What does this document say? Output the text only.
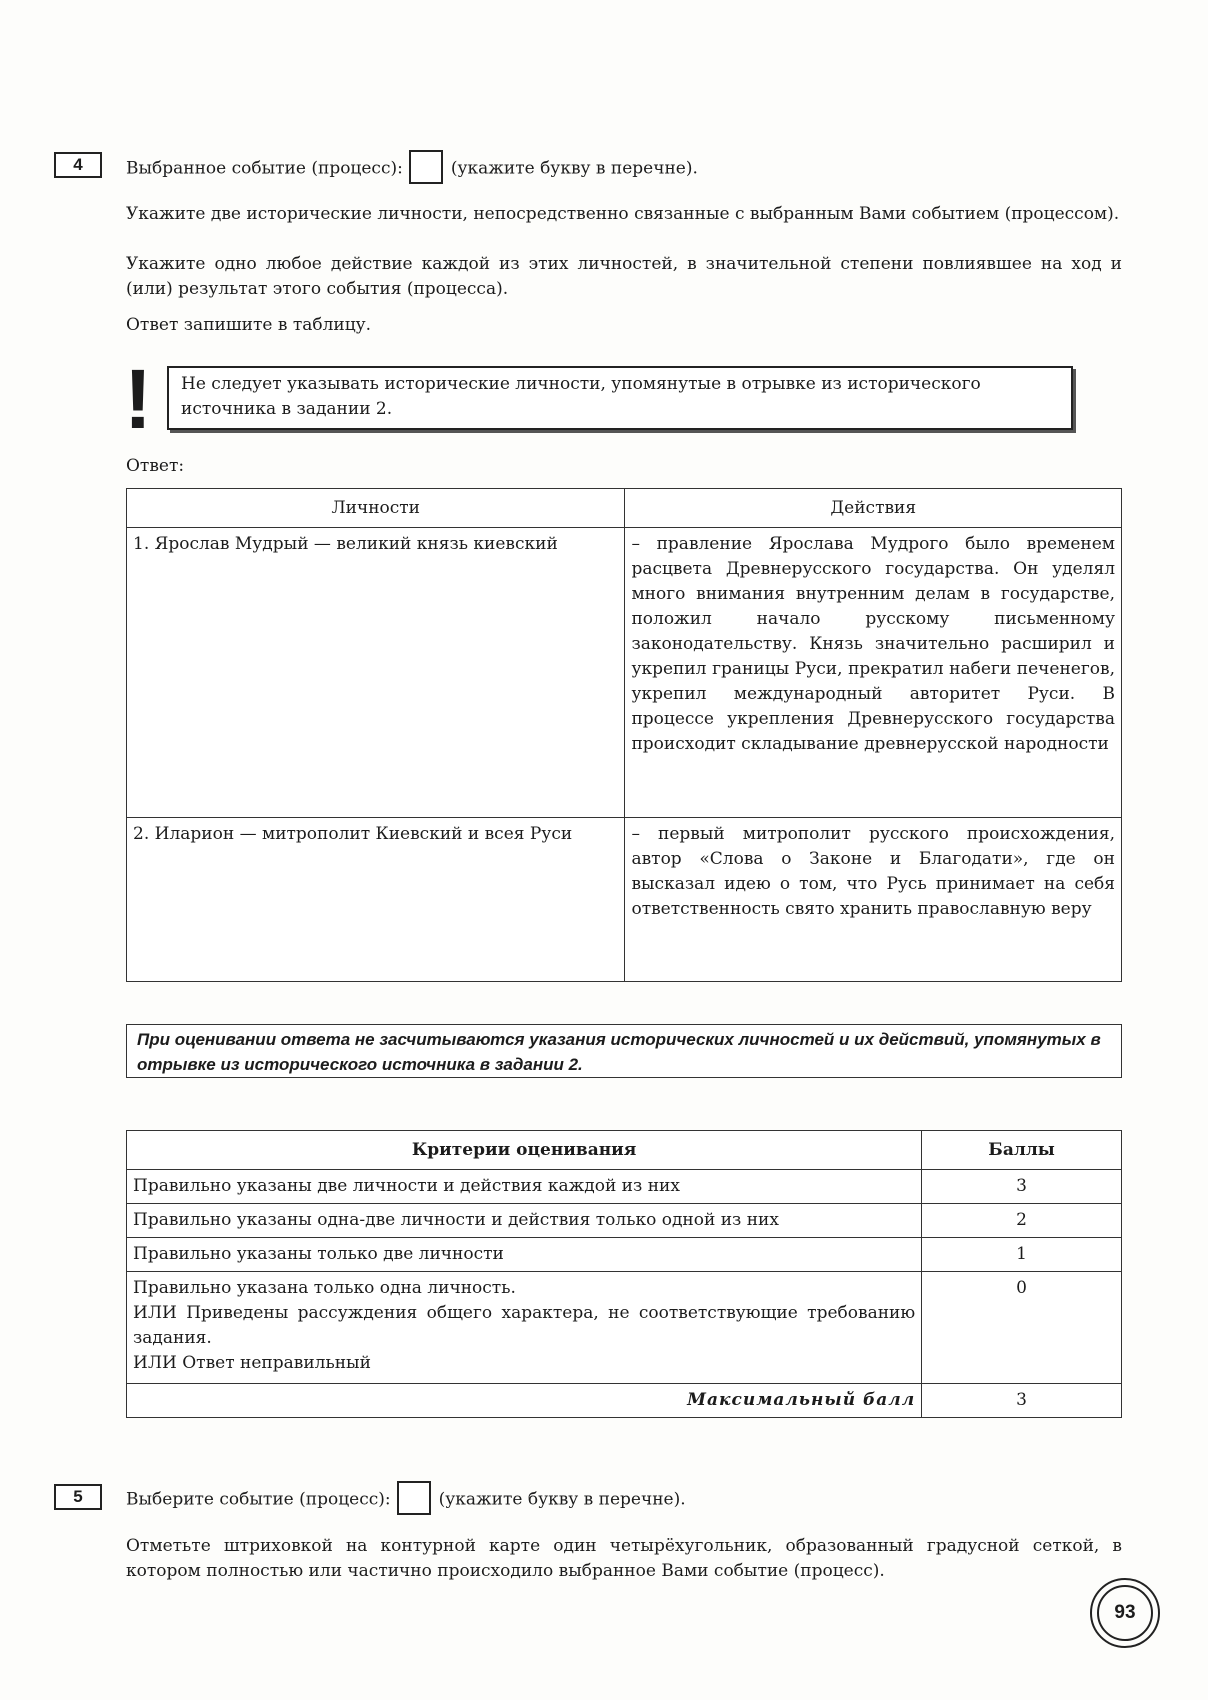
4	Выбранное событие (процесс):	(укажите букву в перечне).
Укажите две исторические личности, непосредственно связанные с выбранным Вами событием (процессом).
Укажите одно любое действие каждой из этих личностей, в значительной степени повлиявшее на ход и (или) результат этого события (процесса).
Ответ запишите в таблицу.
!	Не следует указывать исторические личности, упомянутые в отрывке из исторического источника в задании 2.
Ответ:
Личности	Действия
1. Ярослав Мудрый — великий князь киевский	– правление Ярослава Мудрого было временем расцвета Древнерусского государства. Он уделял много внимания внутренним делам в государстве, положил начало русскому письменному законодательству. Князь значительно расширил и укрепил границы Руси, прекратил набеги печенегов, укрепил международный авторитет Руси. В процессе укрепления Древнерусского государства происходит складывание древнерусской народности
2. Иларион — митрополит Киевский и всея Руси	– первый митрополит русского происхождения, автор «Слова о Законе и Благодати», где он высказал идею о том, что Русь принимает на себя ответственность свято хранить православную веру
При оценивании ответа не засчитываются указания исторических личностей и их действий, упомянутых в отрывке из исторического источника в задании 2.
Критерии оценивания	Баллы
Правильно указаны две личности и действия каждой из них	3
Правильно указаны одна-две личности и действия только одной из них	2
Правильно указаны только две личности	1

Правильно указана только одна личность.
ИЛИ Приведены рассуждения общего характера, не соответствующие требованию задания.
ИЛИ Ответ неправильный	0
Максимальный балл	3
5	Выберите событие (процесс):	(укажите букву в перечне).
Отметьте штриховкой на контурной карте один четырёхугольник, образованный градусной сеткой, в котором полностью или частично происходило выбранное Вами событие (процесс).
93
